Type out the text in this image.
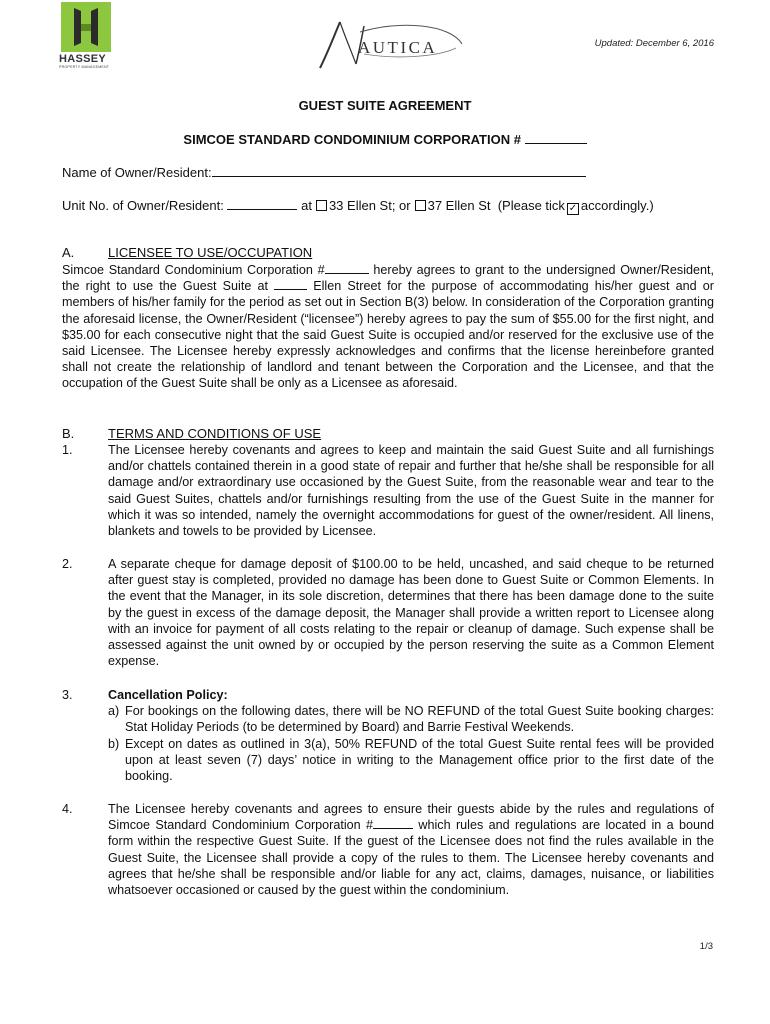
HASSEY
PROPERTY MANAGEMENT
AUTICA	Updated: December 6, 2016
GUEST SUITE AGREEMENT
SIMCOE STANDARD CONDOMINIUM CORPORATION #
Name of Owner/Resident:
Unit No. of Owner/Resident:	at 33 Ellen St; or 37 Ellen St (Please tick ✓ accordingly.)
A.	LICENSEE TO USE/OCCUPATION
Simcoe Standard Condominium Corporation #	hereby agrees to grant to the undersigned Owner/Resident, the right to use the Guest Suite at	Ellen Street for the purpose of accommodating his/her guest and or members of his/her family for the period as set out in Section B(3) below. In consideration of the Corporation granting the aforesaid license, the Owner/Resident (“licensee”) hereby agrees to pay the sum of $55.00 for the first night, and $35.00 for each consecutive night that the said Guest Suite is occupied and/or reserved for the exclusive use of the said Licensee. The Licensee hereby expressly acknowledges and confirms that the license hereinbefore granted shall not create the relationship of landlord and tenant between the Corporation and the Licensee, and that the occupation of the Guest Suite shall be only as a Licensee as aforesaid.
B.	TERMS AND CONDITIONS OF USE
1.	The Licensee hereby covenants and agrees to keep and maintain the said Guest Suite and all furnishings and/or chattels contained therein in a good state of repair and further that he/she shall be responsible for all damage and/or extraordinary use occasioned by the Guest Suite, from the reasonable wear and tear to the said Guest Suites, chattels and/or furnishings resulting from the use of the Guest Suite in the manner for which it was so intended, namely the overnight accommodations for guest of the owner/resident. All linens, blankets and towels to be provided by Licensee.
2.	A separate cheque for damage deposit of $100.00 to be held, uncashed, and said cheque to be returned after guest stay is completed, provided no damage has been done to Guest Suite or Common Elements. In the event that the Manager, in its sole discretion, determines that there has been damage done to the suite by the guest in excess of the damage deposit, the Manager shall provide a written report to Licensee along with an invoice for payment of all costs relating to the repair or cleanup of damage. Such expense shall be assessed against the unit owned by or occupied by the person reserving the suite as a Common Element expense.
3.	Cancellation Policy:
a) For bookings on the following dates, there will be NO REFUND of the total Guest Suite booking charges: Stat Holiday Periods (to be determined by Board) and Barrie Festival Weekends.
b) Except on dates as outlined in 3(a), 50% REFUND of the total Guest Suite rental fees will be provided upon at least seven (7) days’ notice in writing to the Management office prior to the first date of the booking.
4.	The Licensee hereby covenants and agrees to ensure their guests abide by the rules and regulations of Simcoe Standard Condominium Corporation #	which rules and regulations are located in a bound form within the respective Guest Suite. If the guest of the Licensee does not find the rules available in the Guest Suite, the Licensee shall provide a copy of the rules to them. The Licensee hereby covenants and agrees that he/she shall be responsible and/or liable for any act, claims, damages, nuisance, or liabilities whatsoever occasioned or caused by the guest within the condominium.
1/3
